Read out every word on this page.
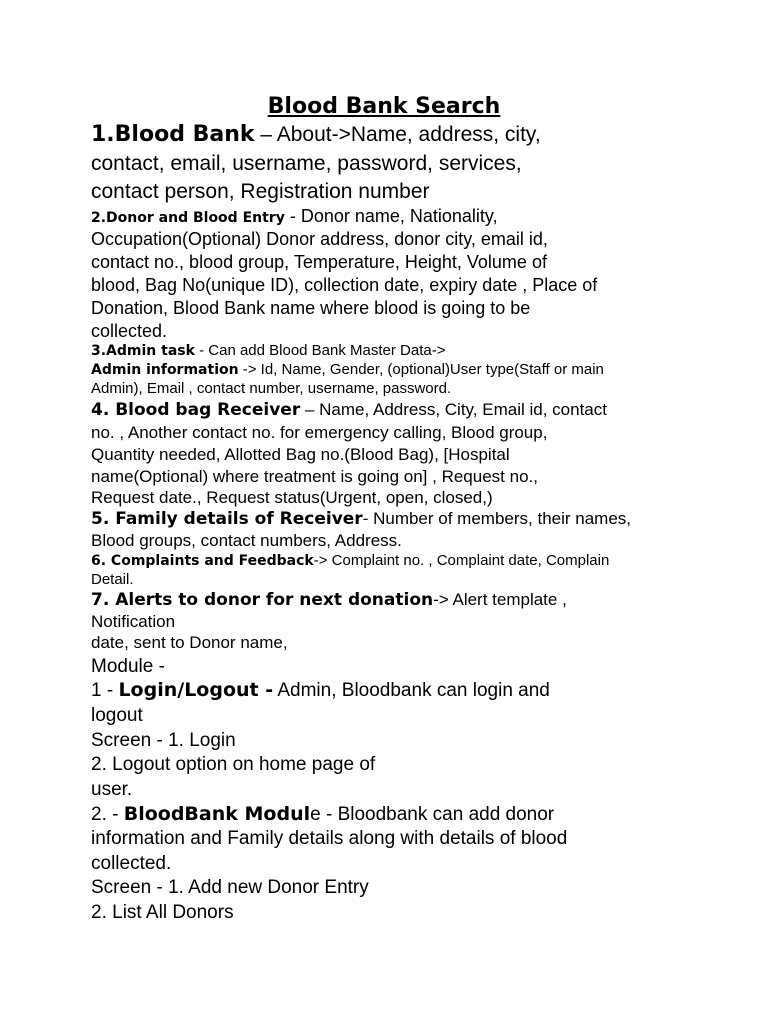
Blood Bank Search

1.Blood Bank – About->Name, address, city,

contact, email, username, password, services,

contact person, Registration number

2.Donor and Blood Entry - Donor name, Nationality,

Occupation(Optional) Donor address, donor city, email id,

contact no., blood group, Temperature, Height, Volume of

blood, Bag No(unique ID), collection date, expiry date , Place of

Donation, Blood Bank name where blood is going to be

collected.

3.Admin task - Can add Blood Bank Master Data->

Admin information -> Id, Name, Gender, (optional)User type(Staff or main

Admin), Email , contact number, username, password.

4. Blood bag Receiver – Name, Address, City, Email id, contact

no. , Another contact no. for emergency calling, Blood group,

Quantity needed, Allotted Bag no.(Blood Bag), [Hospital

name(Optional) where treatment is going on] , Request no.,

Request date., Request status(Urgent, open, closed,)

5. Family details of Receiver- Number of members, their names,

Blood groups, contact numbers, Address.

6. Complaints and Feedback-> Complaint no. , Complaint date, Complain

Detail.

7. Alerts to donor for next donation-> Alert template ,

Notification

date, sent to Donor name,

Module -

1 - Login/Logout - Admin, Bloodbank can login and

logout

Screen - 1. Login

2. Logout option on home page of

user.

2. - BloodBank Module - Bloodbank can add donor

information and Family details along with details of blood

collected.

Screen - 1. Add new Donor Entry

2. List All Donors
